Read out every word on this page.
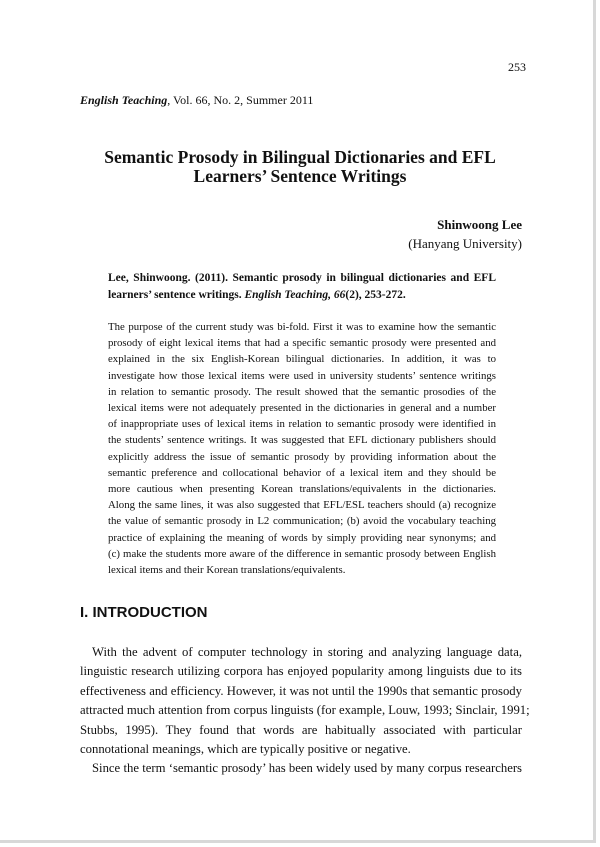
253
English Teaching, Vol. 66, No. 2, Summer 2011
Semantic Prosody in Bilingual Dictionaries and EFL
Learners’ Sentence Writings
Shinwoong Lee
(Hanyang University)
Lee, Shinwoong. (2011). Semantic prosody in bilingual dictionaries and EFL
learners’ sentence writings. English Teaching, 66(2), 253-272.
The purpose of the current study was bi-fold. First it was to examine how the semantic
prosody of eight lexical items that had a specific semantic prosody were presented and
explained in the six English-Korean bilingual dictionaries. In addition, it was to
investigate how those lexical items were used in university students’ sentence writings
in relation to semantic prosody. The result showed that the semantic prosodies of the
lexical items were not adequately presented in the dictionaries in general and a number
of inappropriate uses of lexical items in relation to semantic prosody were identified in
the students’ sentence writings. It was suggested that EFL dictionary publishers should
explicitly address the issue of semantic prosody by providing information about the
semantic preference and collocational behavior of a lexical item and they should be
more cautious when presenting Korean translations/equivalents in the dictionaries.
Along the same lines, it was also suggested that EFL/ESL teachers should (a) recognize
the value of semantic prosody in L2 communication; (b) avoid the vocabulary teaching
practice of explaining the meaning of words by simply providing near synonyms; and
(c) make the students more aware of the difference in semantic prosody between English
lexical items and their Korean translations/equivalents.
I. INTRODUCTION
With the advent of computer technology in storing and analyzing language data,
linguistic research utilizing corpora has enjoyed popularity among linguists due to its
effectiveness and efficiency. However, it was not until the 1990s that semantic prosody
attracted much attention from corpus linguists (for example, Louw, 1993; Sinclair, 1991;
Stubbs, 1995). They found that words are habitually associated with particular
connotational meanings, which are typically positive or negative.
Since the term ‘semantic prosody’ has been widely used by many corpus researchers
